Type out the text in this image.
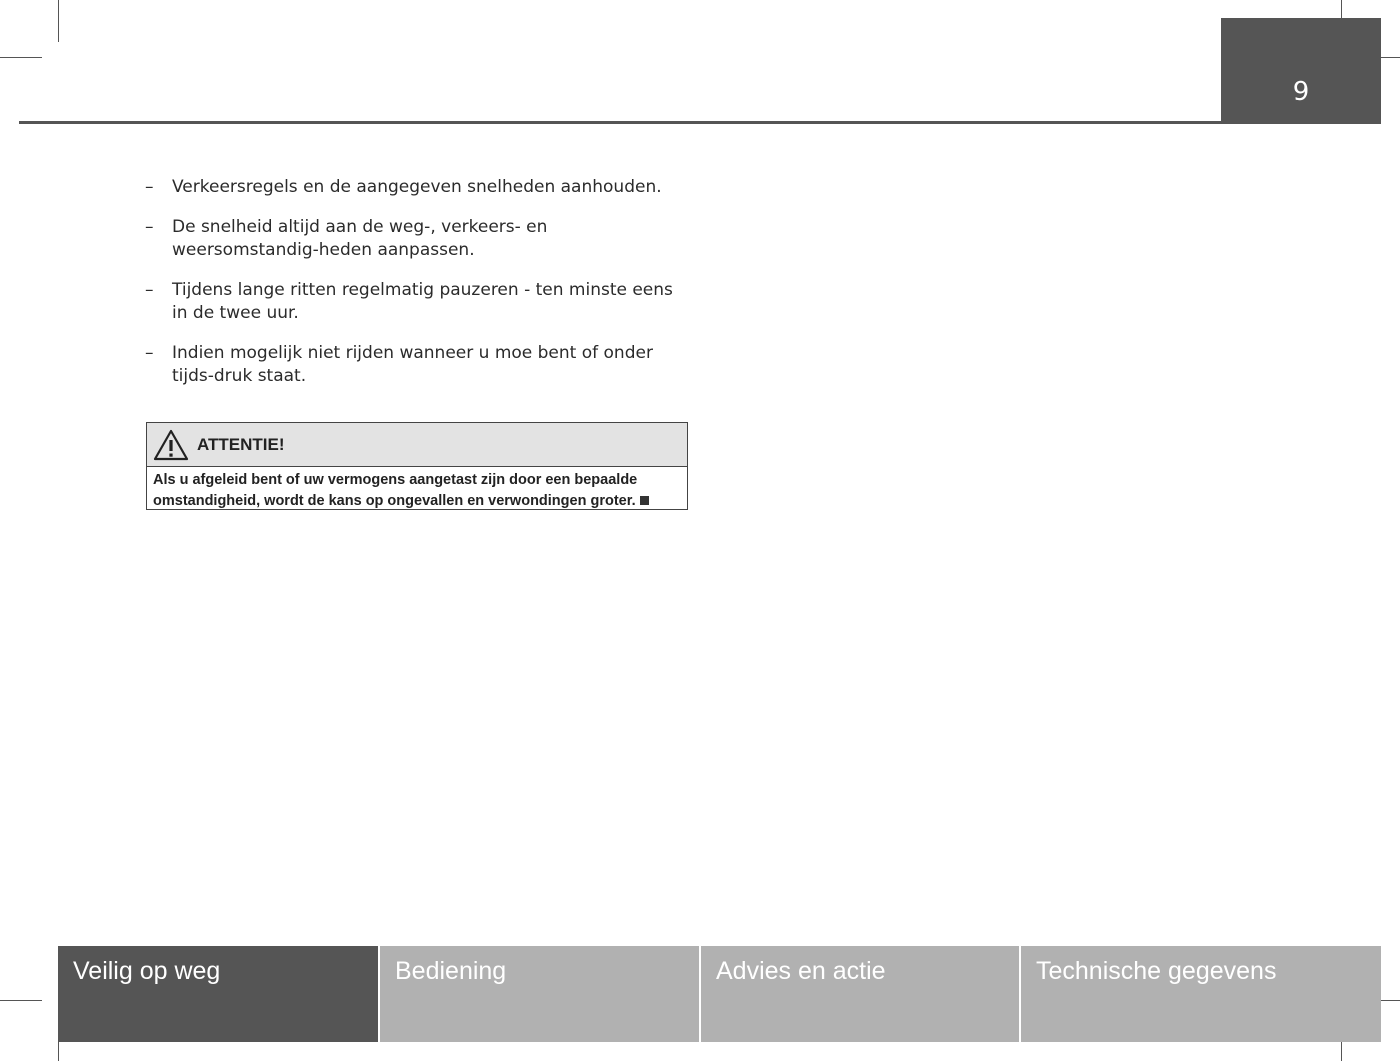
9
– Verkeersregels en de aangegeven snelheden aanhouden.
– De snelheid altijd aan de weg-, verkeers- en weersomstandig-heden aanpassen.
– Tijdens lange ritten regelmatig pauzeren - ten minste eens in de twee uur.
– Indien mogelijk niet rijden wanneer u moe bent of onder tijds-druk staat.
ATTENTIE!
Als u afgeleid bent of uw vermogens aangetast zijn door een bepaalde omstandigheid, wordt de kans op ongevallen en verwondingen groter.
Veilig op weg	Bediening	Advies en actie	Technische gegevens
